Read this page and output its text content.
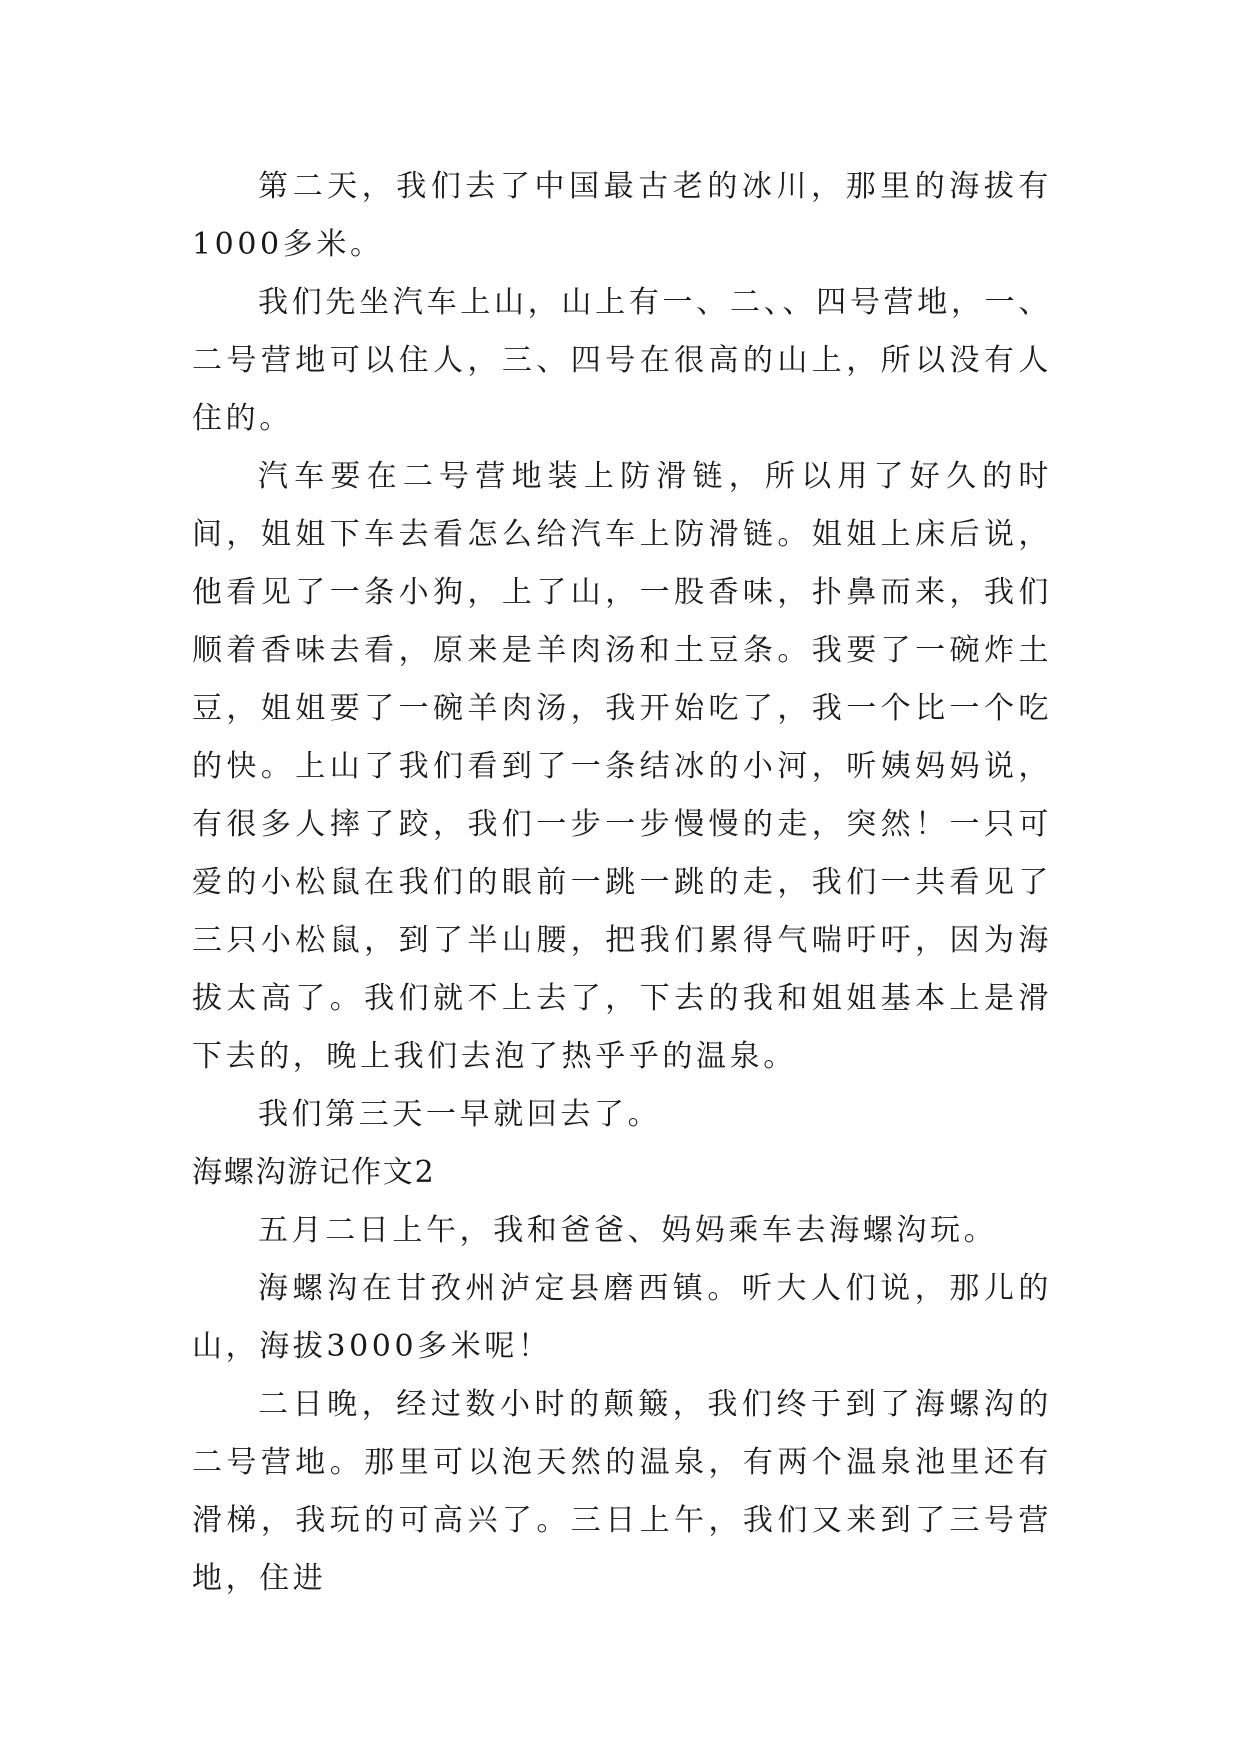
第二天，我们去了中国最古老的冰川，那里的海拔有1000多米。

我们先坐汽车上山，山上有一、二、、四号营地，一、二号营地可以住人，三、四号在很高的山上，所以没有人住的。

汽车要在二号营地装上防滑链，所以用了好久的时间，姐姐下车去看怎么给汽车上防滑链。姐姐上床后说，他看见了一条小狗，上了山，一股香味，扑鼻而来，我们顺着香味去看，原来是羊肉汤和土豆条。我要了一碗炸土豆，姐姐要了一碗羊肉汤，我开始吃了，我一个比一个吃的快。上山了我们看到了一条结冰的小河，听姨妈妈说，有很多人摔了跤，我们一步一步慢慢的走，突然！一只可爱的小松鼠在我们的眼前一跳一跳的走，我们一共看见了三只小松鼠，到了半山腰，把我们累得气喘吁吁，因为海拔太高了。我们就不上去了，下去的我和姐姐基本上是滑下去的，晚上我们去泡了热乎乎的温泉。

我们第三天一早就回去了。

海螺沟游记作文2

五月二日上午，我和爸爸、妈妈乘车去海螺沟玩。

海螺沟在甘孜州泸定县磨西镇。听大人们说，那儿的山，海拔3000多米呢！

二日晚，经过数小时的颠簸，我们终于到了海螺沟的二号营地。那里可以泡天然的温泉，有两个温泉池里还有滑梯，我玩的可高兴了。三日上午，我们又来到了三号营地，住进
